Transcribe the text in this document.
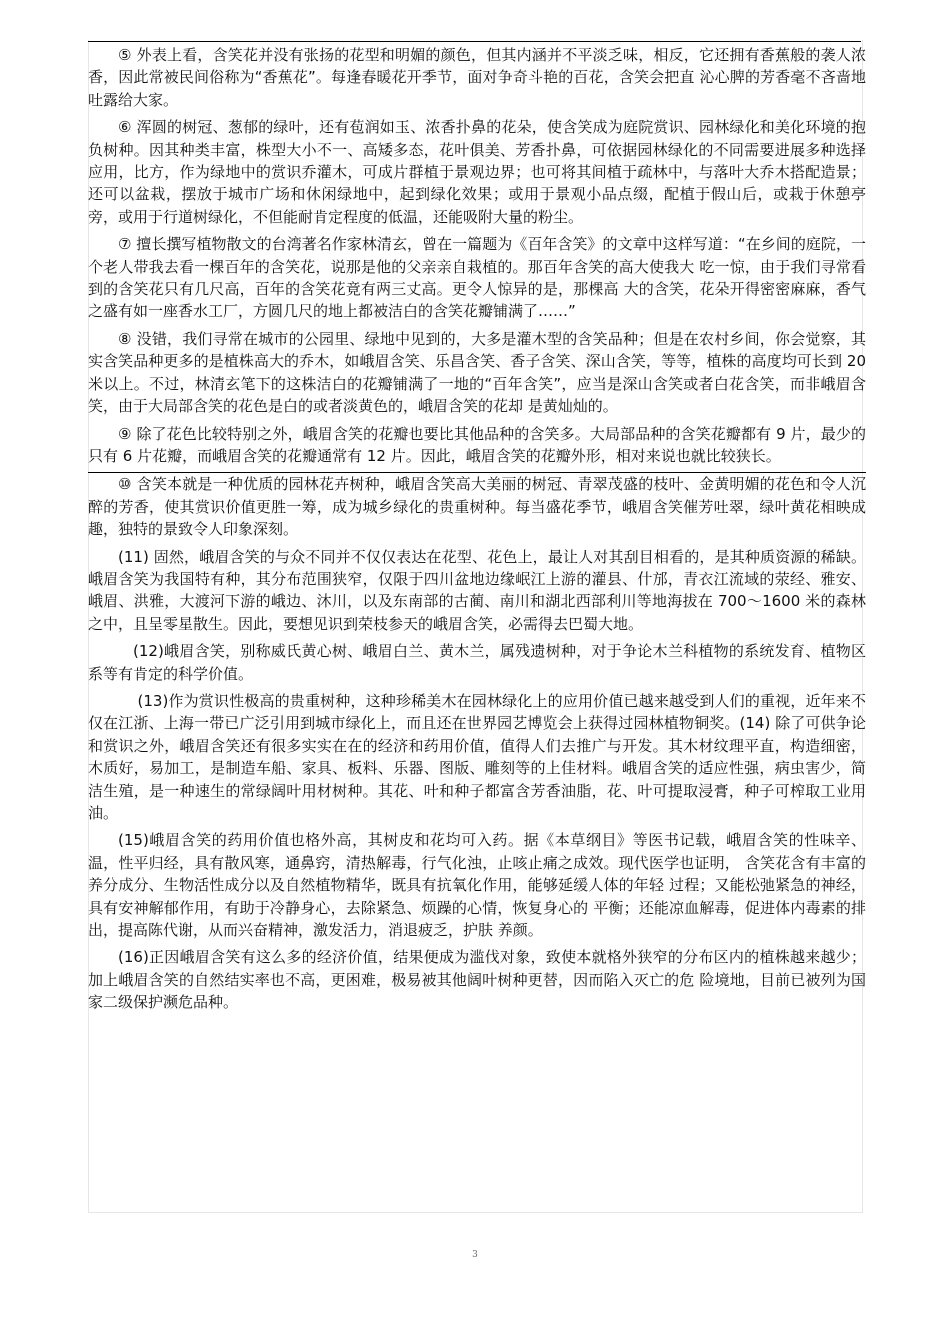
⑤ 外表上看，含笑花并没有张扬的花型和明媚的颜色，但其内涵并不平淡乏味，相反，它还拥有香蕉般的袭人浓香，因此常被民间俗称为“香蕉花”。每逢春暖花开季节，面对争奇斗艳的百花，含笑会把直 沁心脾的芳香毫不吝啬地吐露给大家。

⑥ 浑圆的树冠、葱郁的绿叶，还有苞润如玉、浓香扑鼻的花朵，使含笑成为庭院赏识、园林绿化和美化环境的抱负树种。因其种类丰富，株型大小不一、高矮多态，花叶俱美、芳香扑鼻，可依据园林绿化的不同需要进展多种选择应用，比方，作为绿地中的赏识乔灌木，可成片群植于景观边界；也可将其间植于疏林中，与落叶大乔木搭配造景；还可以盆栽，摆放于城市广场和休闲绿地中，起到绿化效果；或用于景观小品点缀，配植于假山后，或栽于休憩亭旁，或用于行道树绿化，不但能耐肯定程度的低温，还能吸附大量的粉尘。

⑦ 擅长撰写植物散文的台湾著名作家林清玄，曾在一篇题为《百年含笑》的文章中这样写道：“在乡间的庭院，一个老人带我去看一棵百年的含笑花，说那是他的父亲亲自栽植的。那百年含笑的高大使我大 吃一惊，由于我们寻常看到的含笑花只有几尺高，百年的含笑花竟有两三丈高。更令人惊异的是，那棵高 大的含笑，花朵开得密密麻麻，香气之盛有如一座香水工厂，方圆几尺的地上都被洁白的含笑花瓣铺满了……”

⑧ 没错，我们寻常在城市的公园里、绿地中见到的，大多是灌木型的含笑品种；但是在农村乡间，你会觉察，其实含笑品种更多的是植株高大的乔木，如峨眉含笑、乐昌含笑、香子含笑、深山含笑，等等，植株的高度均可长到 20 米以上。不过，林清玄笔下的这株洁白的花瓣铺满了一地的“百年含笑”，应当是深山含笑或者白花含笑，而非峨眉含笑，由于大局部含笑的花色是白的或者淡黄色的，峨眉含笑的花却 是黄灿灿的。

⑨ 除了花色比较特别之外，峨眉含笑的花瓣也要比其他品种的含笑多。大局部品种的含笑花瓣都有 9 片，最少的只有 6 片花瓣，而峨眉含笑的花瓣通常有 12 片。因此，峨眉含笑的花瓣外形，相对来说也就比较狭长。

⑩ 含笑本就是一种优质的园林花卉树种，峨眉含笑高大美丽的树冠、青翠茂盛的枝叶、金黄明媚的花色和令人沉醉的芳香，使其赏识价值更胜一筹，成为城乡绿化的贵重树种。每当盛花季节，峨眉含笑催芳吐翠，绿叶黄花相映成趣，独特的景致令人印象深刻。

(11) 固然，峨眉含笑的与众不同并不仅仅表达在花型、花色上，最让人对其刮目相看的，是其种质资源的稀缺。峨眉含笑为我国特有种，其分布范围狭窄，仅限于四川盆地边缘岷江上游的灌县、什邡，青衣江流域的荥经、雅安、峨眉、洪雅，大渡河下游的峨边、沐川，以及东南部的古蔺、南川和湖北西部利川等地海拔在 700～1600 米的森林之中，且呈零星散生。因此，要想见识到荣枝参天的峨眉含笑，必需得去巴蜀大地。

(12)峨眉含笑，别称威氏黄心树、峨眉白兰、黄木兰，属残遗树种，对于争论木兰科植物的系统发育、植物区系等有肯定的科学价值。

(13)作为赏识性极高的贵重树种，这种珍稀美木在园林绿化上的应用价值已越来越受到人们的重视，近年来不仅在江浙、上海一带已广泛引用到城市绿化上，而且还在世界园艺博览会上获得过园林植物铜奖。(14) 除了可供争论和赏识之外，峨眉含笑还有很多实实在在的经济和药用价值，值得人们去推广与开发。其木材纹理平直，构造细密，木质好，易加工，是制造车船、家具、板料、乐器、图版、雕刻等的上佳材料。峨眉含笑的适应性强，病虫害少，简洁生殖，是一种速生的常绿阔叶用材树种。其花、叶和种子都富含芳香油脂，花、叶可提取浸膏，种子可榨取工业用油。

(15)峨眉含笑的药用价值也格外高，其树皮和花均可入药。据《本草纲目》等医书记载，峨眉含笑的性味辛、温，性平归经，具有散风寒，通鼻窍，清热解毒，行气化浊，止咳止痛之成效。现代医学也证明， 含笑花含有丰富的养分成分、生物活性成分以及自然植物精华，既具有抗氧化作用，能够延缓人体的年轻 过程；又能松弛紧急的神经，具有安神解郁作用，有助于冷静身心，去除紧急、烦躁的心情，恢复身心的 平衡；还能凉血解毒，促进体内毒素的排出，提高陈代谢，从而兴奋精神，激发活力，消退疲乏，护肤 养颜。

(16)正因峨眉含笑有这么多的经济价值，结果便成为滥伐对象，致使本就格外狭窄的分布区内的植株越来越少；加上峨眉含笑的自然结实率也不高，更困难，极易被其他阔叶树种更替，因而陷入灭亡的危 险境地，目前已被列为国家二级保护濒危品种。

3
